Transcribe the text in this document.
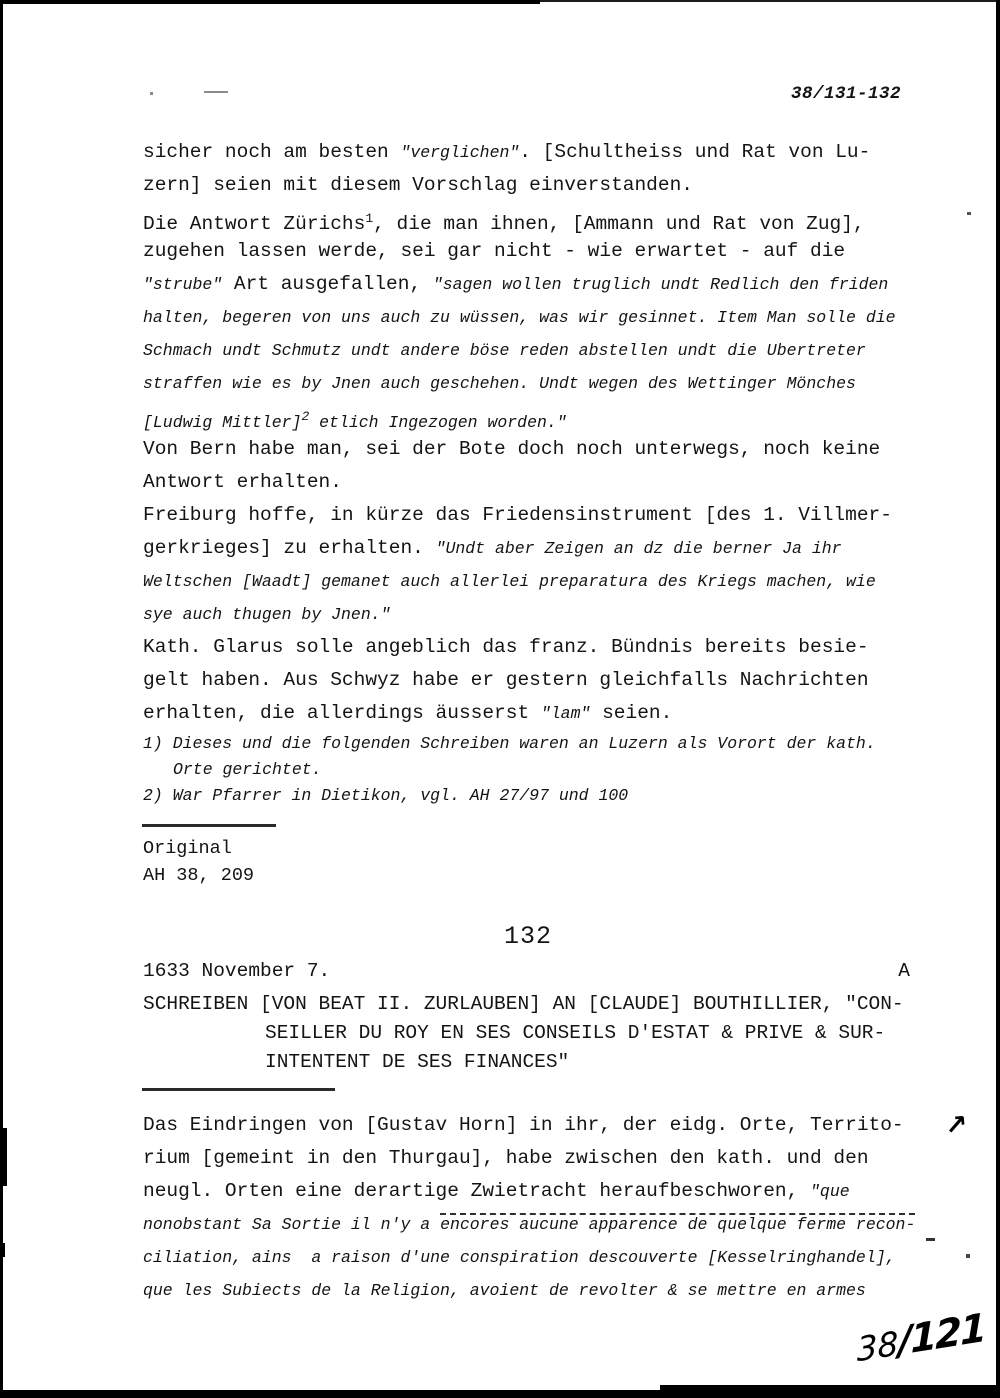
38/131-132
sicher noch am besten "verglichen". [Schultheiss und Rat von Lu-
zern] seien mit diesem Vorschlag einverstanden.
Die Antwort Zürichs$^1$, die man ihnen, [Ammann und Rat von Zug],
zugehen lassen werde, sei gar nicht - wie erwartet - auf die
"strube" Art ausgefallen, "sagen wollen truglich undt Redlich den friden
halten, begeren von uns auch zu wüssen, was wir gesinnet. Item Man solle die
Schmach undt Schmutz undt andere böse reden abstellen undt die Ubertreter
straffen wie es by Jnen auch geschehen. Undt wegen des Wettinger Mönches
[Ludwig Mittler]$^2$ etlich Ingezogen worden."
Von Bern habe man, sei der Bote doch noch unterwegs, noch keine
Antwort erhalten.
Freiburg hoffe, in kürze das Friedensinstrument [des 1. Villmer-
gerkrieges] zu erhalten. "Undt aber Zeigen an dz die berner Ja ihr
Weltschen [Waadt] gemanet auch allerlei preparatura des Kriegs machen, wie
sye auch thugen by Jnen."
Kath. Glarus solle angeblich das franz. Bündnis bereits besie-
gelt haben. Aus Schwyz habe er gestern gleichfalls Nachrichten
erhalten, die allerdings äusserst "lam" seien.
1) Dieses und die folgenden Schreiben waren an Luzern als Vorort der kath.
Orte gerichtet.
2) War Pfarrer in Dietikon, vgl. AH 27/97 und 100
Original
AH 38, 209
132
1633 November 7.	A
SCHREIBEN [VON BEAT II. ZURLAUBEN] AN [CLAUDE] BOUTHILLIER, "CON-
SEILLER DU ROY EN SES CONSEILS D'ESTAT & PRIVE & SUR-
INTENTENT DE SES FINANCES"
Das Eindringen von [Gustav Horn] in ihr, der eidg. Orte, Territo-
rium [gemeint in den Thurgau], habe zwischen den kath. und den
neugl. Orten eine derartige Zwietracht heraufbeschworen, "que
nonobstant Sa Sortie il n'y a encores aucune apparence de quelque ferme recon-
ciliation, ains  a raison d'une conspiration descouverte [Kesselringhandel],
que les Subiects de la Religion, avoient de revolter & se mettre en armes
↗
38/121
